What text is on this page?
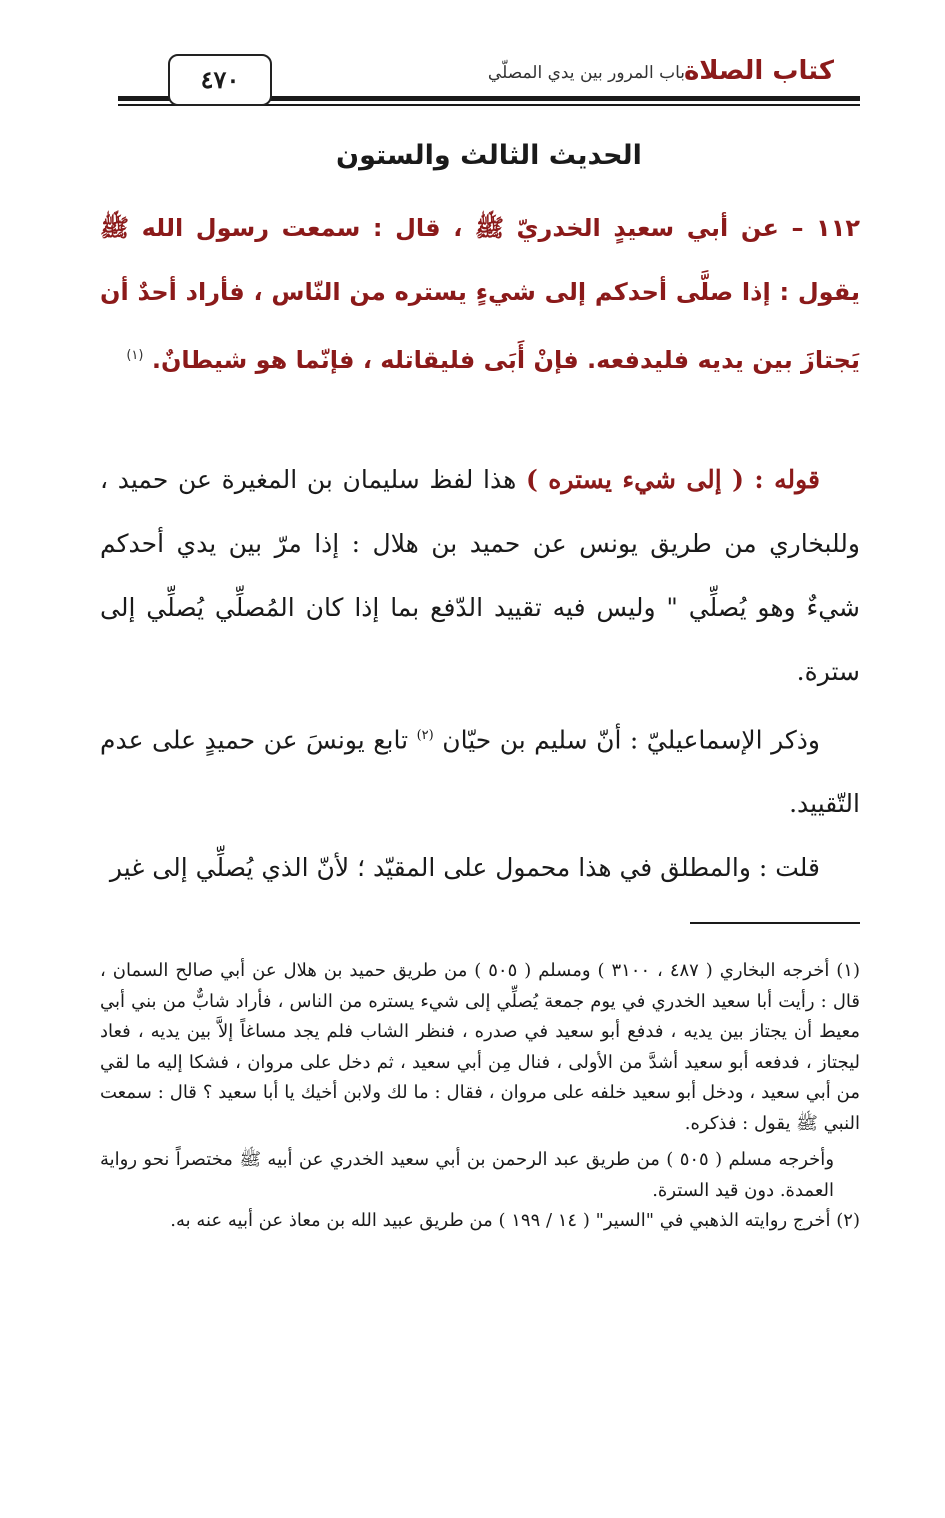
كتاب الصلاة
باب المرور بين يدي المصلّي
٤٧٠
الحديث الثالث والستون
١١٢ – عن أبي سعيدٍ الخدريّ ﷺ ، قال : سمعت رسول الله ﷺ يقول : إذا صلَّى أحدكم إلى شيءٍ يستره من النّاس ، فأراد أحدٌ أن يَجتازَ بين يديه فليدفعه. فإنْ أَبَى فليقاتله ، فإنّما هو شيطانٌ. $^{(١)}$

قوله : ( إلى شيء يستره ) هذا لفظ سليمان بن المغيرة عن حميد ، وللبخاري من طريق يونس عن حميد بن هلال : إذا مرّ بين يدي أحدكم شيءٌ وهو يُصلِّي " وليس فيه تقييد الدّفع بما إذا كان المُصلِّي يُصلِّي إلى سترة.

وذكر الإسماعيليّ : أنّ سليم بن حيّان $^{(٢)}$ تابع يونسَ عن حميدٍ على عدم التّقييد.

قلت : والمطلق في هذا محمول على المقيّد ؛ لأنّ الذي يُصلِّي إلى غير

(١) أخرجه البخاري ( ٤٨٧ ، ٣١٠٠ ) ومسلم ( ٥٠٥ ) من طريق حميد بن هلال عن أبي صالح السمان ، قال : رأيت أبا سعيد الخدري في يوم جمعة يُصلِّي إلى شيء يستره من الناس ، فأراد شابٌّ من بني أبي معيط أن يجتاز بين يديه ، فدفع أبو سعيد في صدره ، فنظر الشاب فلم يجد مساغاً إلاَّ بين يديه ، فعاد ليجتاز ، فدفعه أبو سعيد أشدَّ من الأولى ، فنال مِن أبي سعيد ، ثم دخل على مروان ، فشكا إليه ما لقي من أبي سعيد ، ودخل أبو سعيد خلفه على مروان ، فقال : ما لك ولابن أخيك يا أبا سعيد ؟ قال : سمعت النبي ﷺ يقول : فذكره.

وأخرجه مسلم ( ٥٠٥ ) من طريق عبد الرحمن بن أبي سعيد الخدري عن أبيه ﷺ مختصراً نحو رواية العمدة. دون قيد السترة.

(٢) أخرج روايته الذهبي في "السير" ( ١٤ / ١٩٩ ) من طريق عبيد الله بن معاذ عن أبيه عنه به.
